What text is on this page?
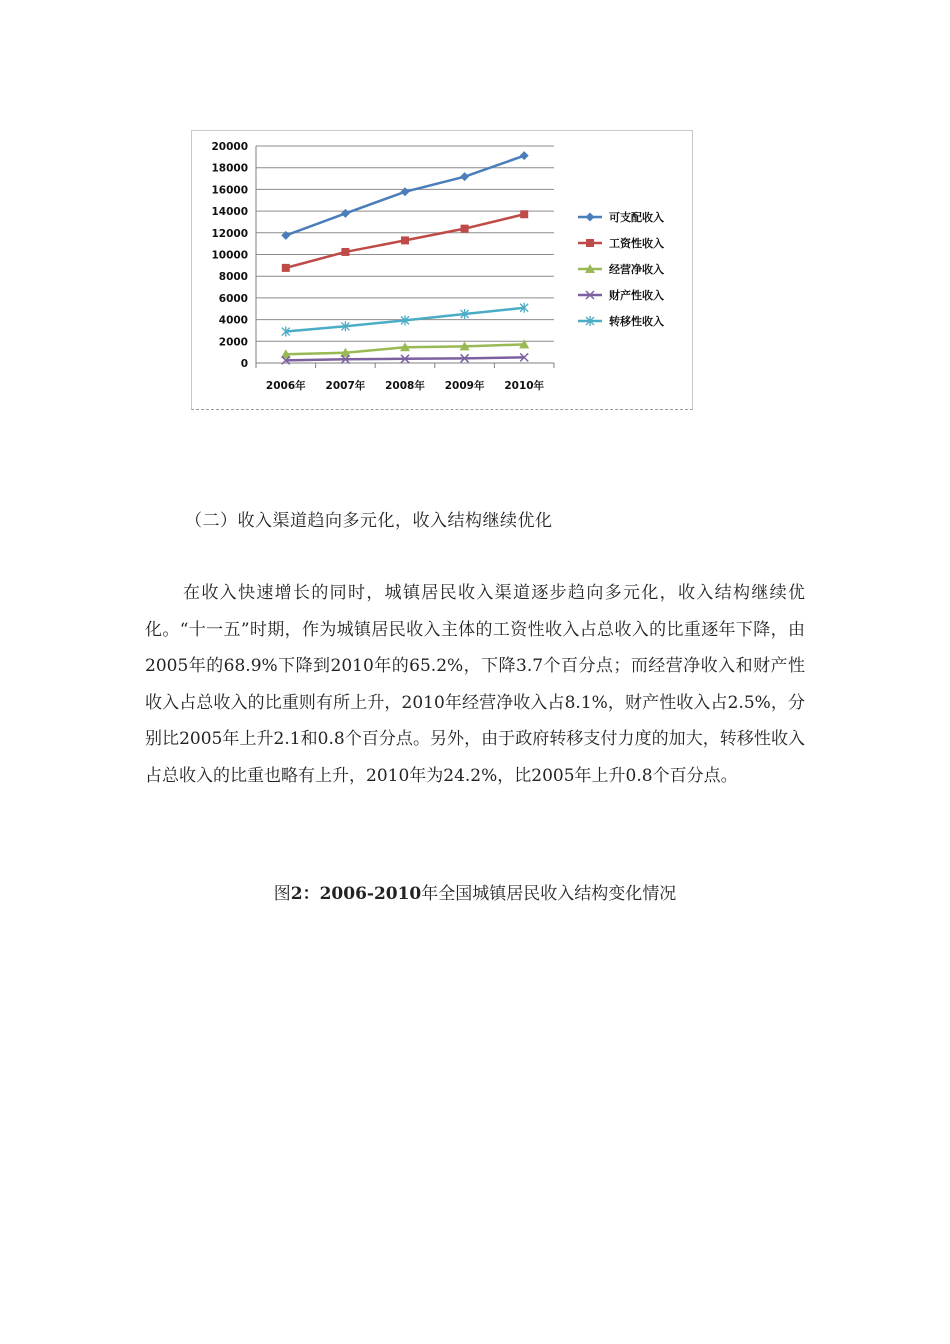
0
2000
4000
6000
8000
10000
12000
14000
16000
18000
20000
2006年 2007年 2008年 2009年 2010年
可支配收入
工资性收入
经营净收入
财产性收入
转移性收入

（二）收入渠道趋向多元化，收入结构继续优化

在收入快速增长的同时，城镇居民收入渠道逐步趋向多元化，收入结构继续优化。“十一五”时期，作为城镇居民收入主体的工资性收入占总收入的比重逐年下降，由2005年的68.9%下降到2010年的65.2%，下降3.7个百分点；而经营净收入和财产性收入占总收入的比重则有所上升，2010年经营净收入占8.1%，财产性收入占2.5%，分别比2005年上升2.1和0.8个百分点。另外，由于政府转移支付力度的加大，转移性收入占总收入的比重也略有上升，2010年为24.2%，比2005年上升0.8个百分点。

图2：2006-2010年全国城镇居民收入结构变化情况
